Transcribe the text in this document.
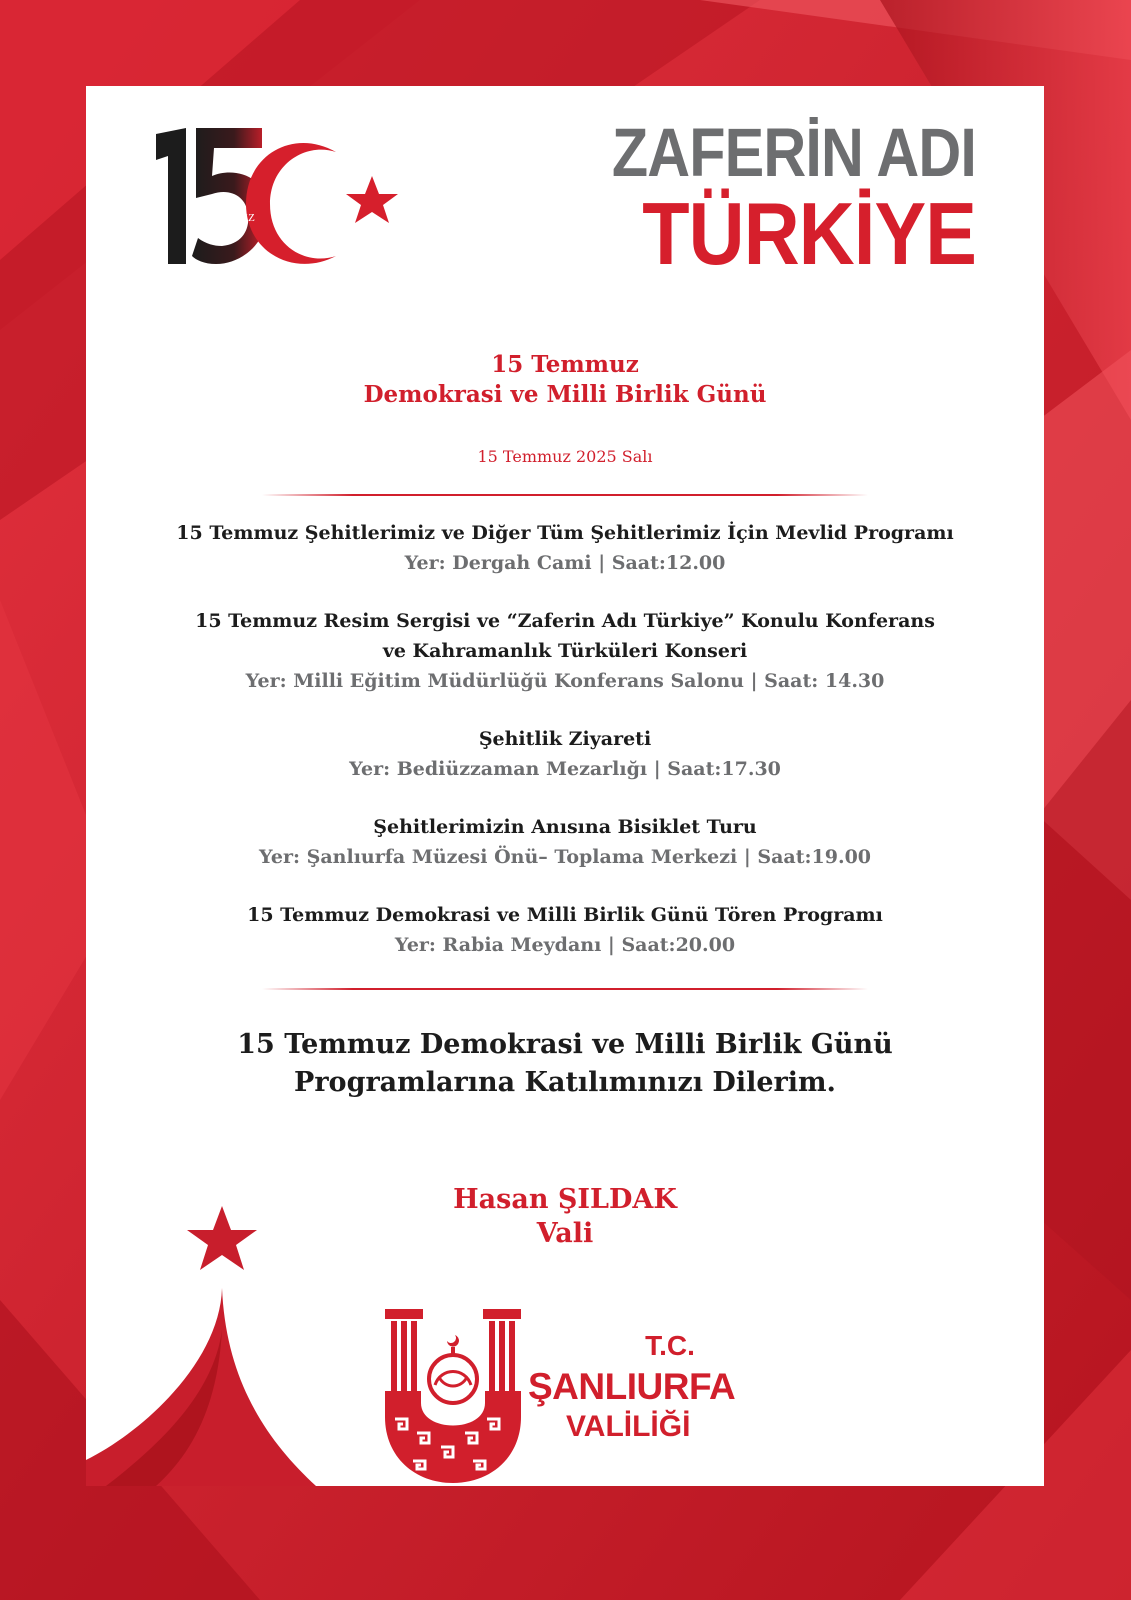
TEMMUZ
ZAFERİN ADI
TÜRKİYE
15 Temmuz
Demokrasi ve Milli Birlik Günü
15 Temmuz 2025 Salı
15 Temmuz Şehitlerimiz ve Diğer Tüm Şehitlerimiz İçin Mevlid Programı
Yer: Dergah Cami | Saat:12.00
15 Temmuz Resim Sergisi ve “Zaferin Adı Türkiye” Konulu Konferans
ve Kahramanlık Türküleri Konseri
Yer: Milli Eğitim Müdürlüğü Konferans Salonu | Saat: 14.30
Şehitlik Ziyareti
Yer: Bediüzzaman Mezarlığı | Saat:17.30
Şehitlerimizin Anısına Bisiklet Turu
Yer: Şanlıurfa Müzesi Önü– Toplama Merkezi | Saat:19.00
15 Temmuz Demokrasi ve Milli Birlik Günü Tören Programı
Yer: Rabia Meydanı | Saat:20.00
15 Temmuz Demokrasi ve Milli Birlik Günü
Programlarına Katılımınızı Dilerim.
Hasan ŞILDAK
Vali
T.C.
ŞANLIURFA
VALİLİĞİ
